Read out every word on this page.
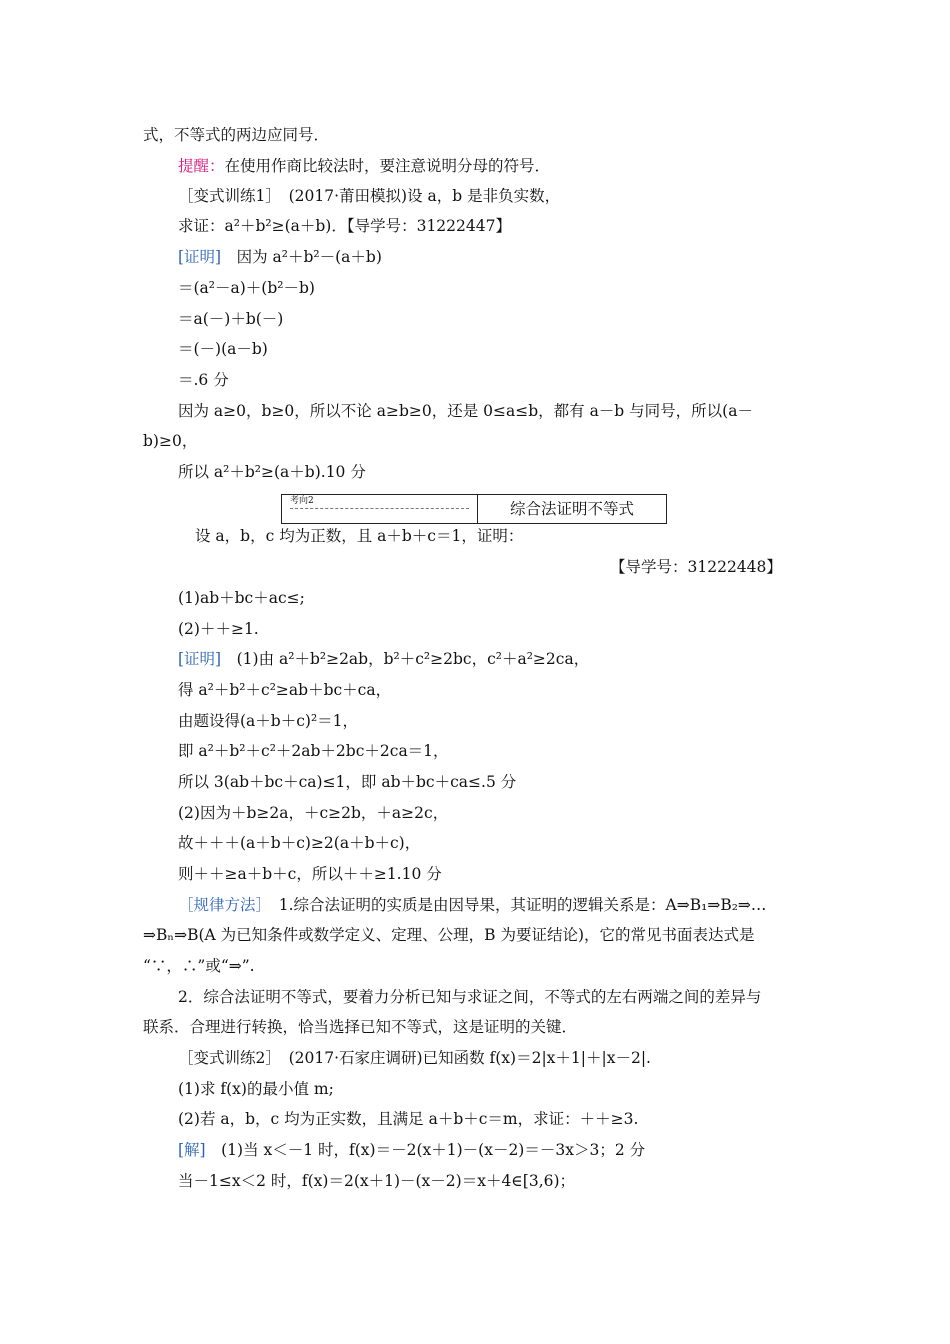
式，不等式的两边应同号．
提醒：在使用作商比较法时，要注意说明分母的符号．
［变式训练1］　(2017·莆田模拟)设 a，b 是非负实数，
求证：a²＋b²≥(a＋b)．【导学号：31222447】
[证明]　因为 a²＋b²－(a＋b)
＝(a²－a)＋(b²－b)
＝a(－)＋b(－)
＝(－)(a－b)
＝.6 分
因为 a≥0，b≥0，所以不论 a≥b≥0，还是 0≤a≤b，都有 a－b 与同号，所以(a－
b)≥0，
所以 a²＋b²≥(a＋b).10 分
考向2	综合法证明不等式
设 a，b，c 均为正数，且 a＋b＋c＝1，证明：
【导学号：31222448】
(1)ab＋bc＋ac≤;
(2)＋＋≥1.
[证明]　(1)由 a²＋b²≥2ab，b²＋c²≥2bc，c²＋a²≥2ca，
得 a²＋b²＋c²≥ab＋bc＋ca，
由题设得(a＋b＋c)²＝1，
即 a²＋b²＋c²＋2ab＋2bc＋2ca＝1，
所以 3(ab＋bc＋ca)≤1，即 ab＋bc＋ca≤.5 分
(2)因为＋b≥2a，＋c≥2b，＋a≥2c，
故＋＋＋(a＋b＋c)≥2(a＋b＋c)，
则＋＋≥a＋b＋c，所以＋＋≥1.10 分
［规律方法］　1.综合法证明的实质是由因导果，其证明的逻辑关系是：A⇒B₁⇒B₂⇒…
⇒Bₙ⇒B(A 为已知条件或数学定义、定理、公理，B 为要证结论)，它的常见书面表达式是
“∵，∴”或“⇒”.
2．综合法证明不等式，要着力分析已知与求证之间，不等式的左右两端之间的差异与
联系．合理进行转换，恰当选择已知不等式，这是证明的关键．
［变式训练2］　(2017·石家庄调研)已知函数 f(x)＝2|x＋1|＋|x－2|.
(1)求 f(x)的最小值 m;
(2)若 a，b，c 均为正实数，且满足 a＋b＋c＝m，求证：＋＋≥3.
[解]　(1)当 x＜－1 时，f(x)＝－2(x＋1)－(x－2)＝－3x＞3；2 分
当－1≤x＜2 时，f(x)＝2(x＋1)－(x－2)＝x＋4∈[3,6)；
